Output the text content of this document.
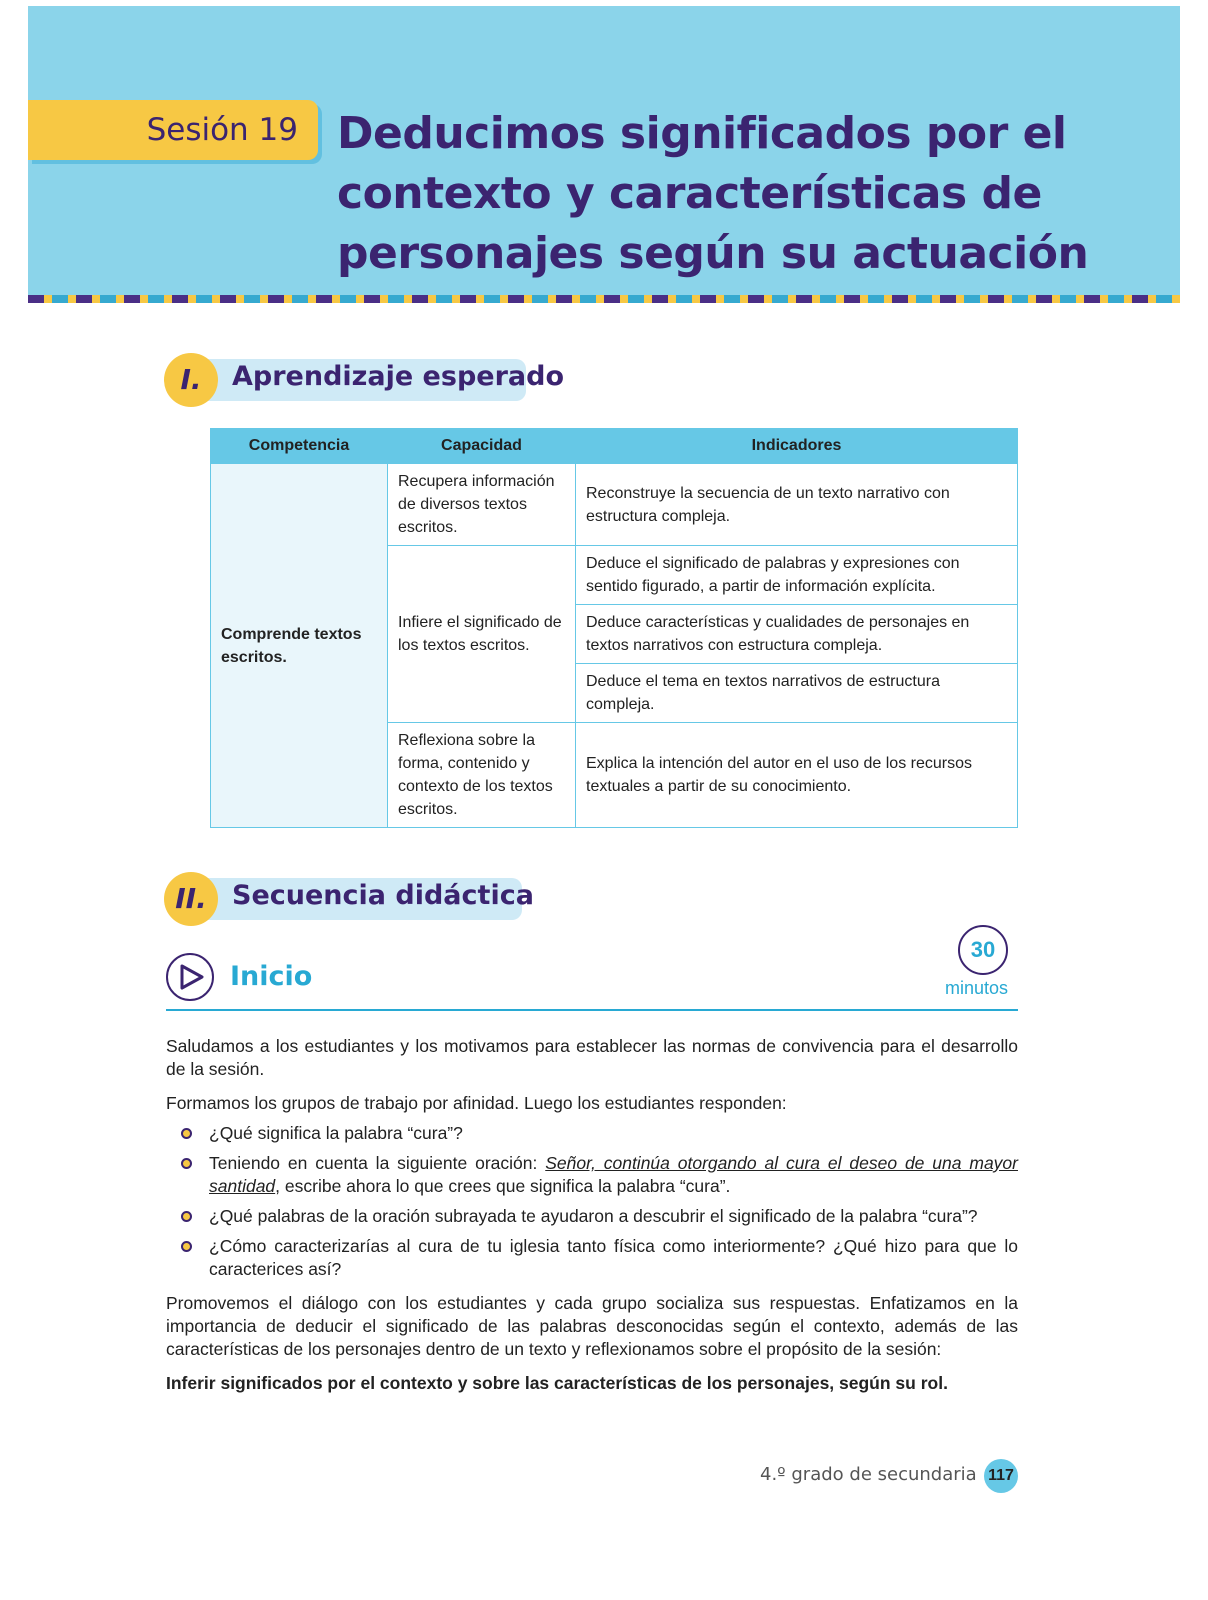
Sesión 19 Deducimos significados por el contexto y características de personajes según su actuación
I.	Aprendizaje esperado
Competencia	Capacidad	Indicadores
Comprende textos escritos.	Recupera información de diversos textos escritos.	Reconstruye la secuencia de un texto narrativo con estructura compleja.
	Infiere el significado de los textos escritos.	Deduce el significado de palabras y expresiones con sentido figurado, a partir de información explícita.
		Deduce características y cualidades de personajes en textos narrativos con estructura compleja.
		Deduce el tema en textos narrativos de estructura compleja.
	Reflexiona sobre la forma, contenido y contexto de los textos escritos.	Explica la intención del autor en el uso de los recursos textuales a partir de su conocimiento.
II. Secuencia didáctica
Inicio
30
minutos

Saludamos a los estudiantes y los motivamos para establecer las normas de convivencia para el desarrollo de la sesión.

Formamos los grupos de trabajo por afinidad. Luego los estudiantes responden:

¿Qué significa la palabra “cura”?
Teniendo en cuenta la siguiente oración: Señor, continúa otorgando al cura el deseo de una mayor santidad, escribe ahora lo que crees que significa la palabra “cura”.
¿Qué palabras de la oración subrayada te ayudaron a descubrir el significado de la palabra “cura”?
¿Cómo caracterizarías al cura de tu iglesia tanto física como interiormente? ¿Qué hizo para que lo caracterices así?

Promovemos el diálogo con los estudiantes y cada grupo socializa sus respuestas. Enfatizamos en la importancia de deducir el significado de las palabras desconocidas según el contexto, además de las características de los personajes dentro de un texto y reflexionamos sobre el propósito de la sesión:

Inferir significados por el contexto y sobre las características de los personajes, según su rol.

4.º grado de secundaria 117
